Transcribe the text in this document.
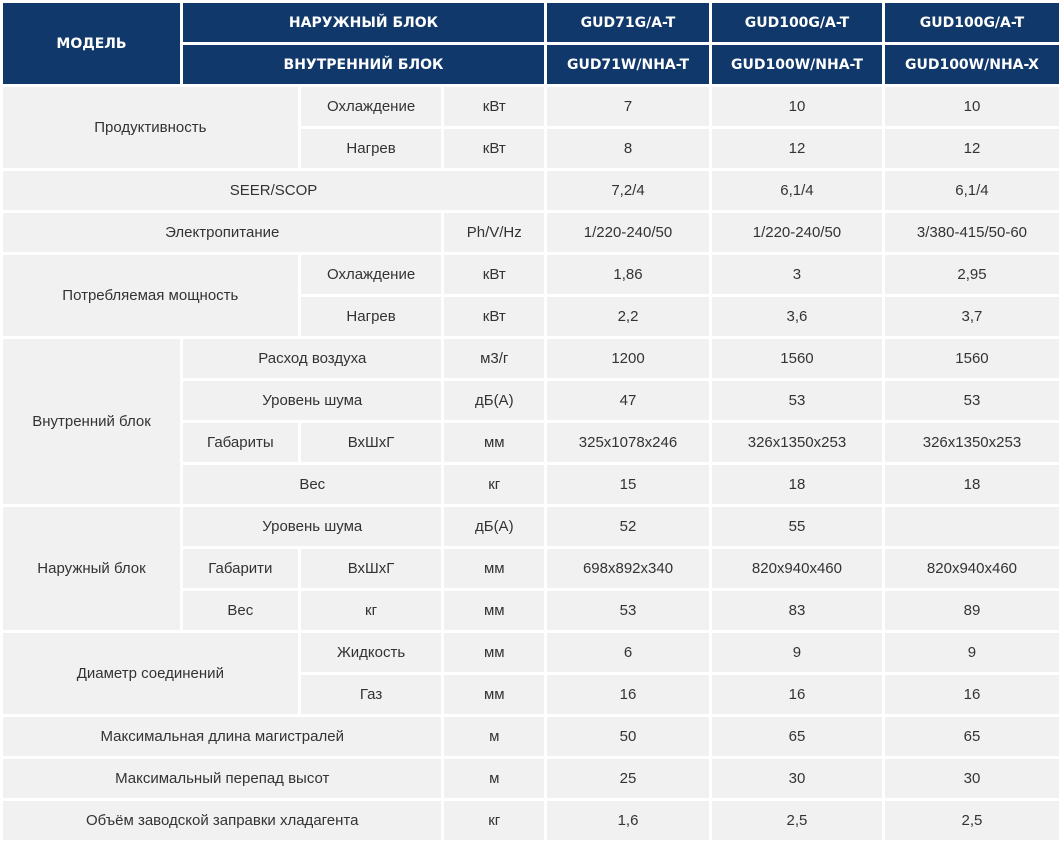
МОДЕЛЬ	НАРУЖНЫЙ БЛОК			GUD71G/A-T	GUD100G/A-T	GUD100G/A-T
	ВНУТРЕННИЙ БЛОК			GUD71W/NHA-T	GUD100W/NHA-T	GUD100W/NHA-X
Продуктивность		Охлаждение	кВт	7	10	10
		Нагрев	кВт	8	12	12
SEER/SCOP				7,2/4	6,1/4	6,1/4
Электропитание			Ph/V/Hz	1/220-240/50	1/220-240/50	3/380-415/50-60
Потребляемая мощность		Охлаждение	кВт	1,86	3	2,95
		Нагрев	кВт	2,2	3,6	3,7
Внутренний блок	Расход воздуха		м3/г	1200	1560	1560
	Уровень шума		дБ(А)	47	53	53
	Габариты	ВхШхГ	мм	325x1078x246	326x1350x253	326x1350x253
	Вес		кг	15	18	18
Наружный блок	Уровень шума		дБ(А)	52	55	
	Габарити	ВхШхГ	мм	698x892x340	820x940x460	820x940x460
	Вес	кг	мм	53	83	89
Диаметр соединений		Жидкость	мм	6	9	9
		Газ	мм	16	16	16
Максимальная длина магистралей			м	50	65	65
Максимальный перепад высот			м	25	30	30
Объём заводской заправки хладагента			кг	1,6	2,5	2,5
